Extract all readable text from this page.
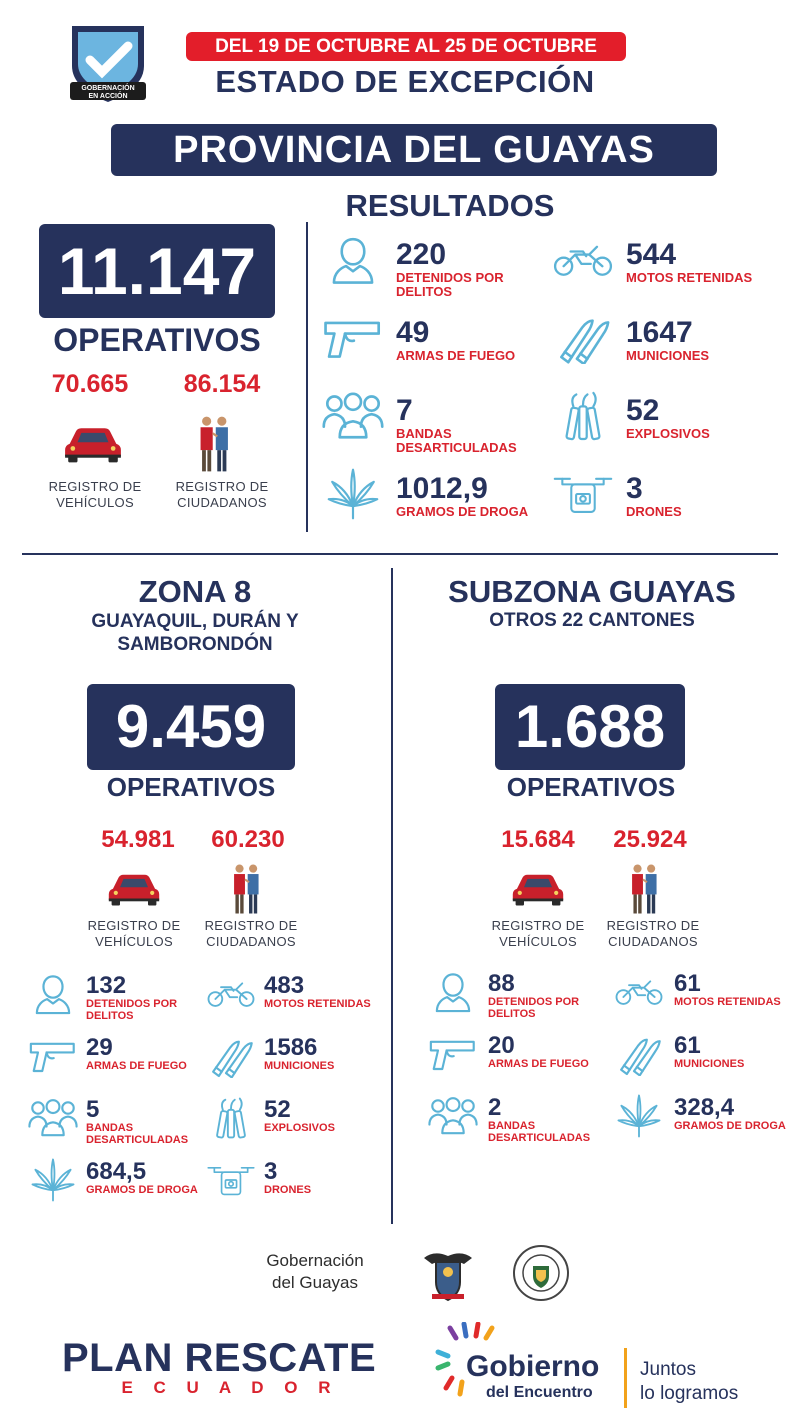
GOBERNACIÓN
EN ACCIÓN
DEL 19 DE OCTUBRE AL 25 DE OCTUBRE
ESTADO DE EXCEPCIÓN
PROVINCIA DEL GUAYAS
RESULTADOS
11.147
OPERATIVOS
70.665	86.154
REGISTRO DE VEHÍCULOS
REGISTRO DE CIUDADANOS
220
DETENIDOS POR DELITOS
544
MOTOS RETENIDAS
49
ARMAS DE FUEGO
1647
MUNICIONES
7
BANDAS DESARTICULADAS
52
EXPLOSIVOS
1012,9
GRAMOS DE DROGA
3
DRONES
ZONA 8
GUAYAQUIL, DURÁN Y SAMBORONDÓN
9.459
OPERATIVOS
54.981	60.230
REGISTRO DE VEHÍCULOS
REGISTRO DE CIUDADANOS
132
DETENIDOS POR DELITOS
483
MOTOS RETENIDAS
29
ARMAS DE FUEGO
1586
MUNICIONES
5
BANDAS DESARTICULADAS
52
EXPLOSIVOS
684,5
GRAMOS DE DROGA
3
DRONES
SUBZONA GUAYAS
OTROS 22 CANTONES
1.688
OPERATIVOS
15.684	25.924
REGISTRO DE VEHÍCULOS
REGISTRO DE CIUDADANOS
88
DETENIDOS POR DELITOS
61
MOTOS RETENIDAS
20
ARMAS DE FUEGO
61
MUNICIONES
2
BANDAS DESARTICULADAS
328,4
GRAMOS DE DROGA
Gobernación
del Guayas
PLAN RESCATE
E C U A D O R
Gobierno
del Encuentro
Juntos
lo logramos
